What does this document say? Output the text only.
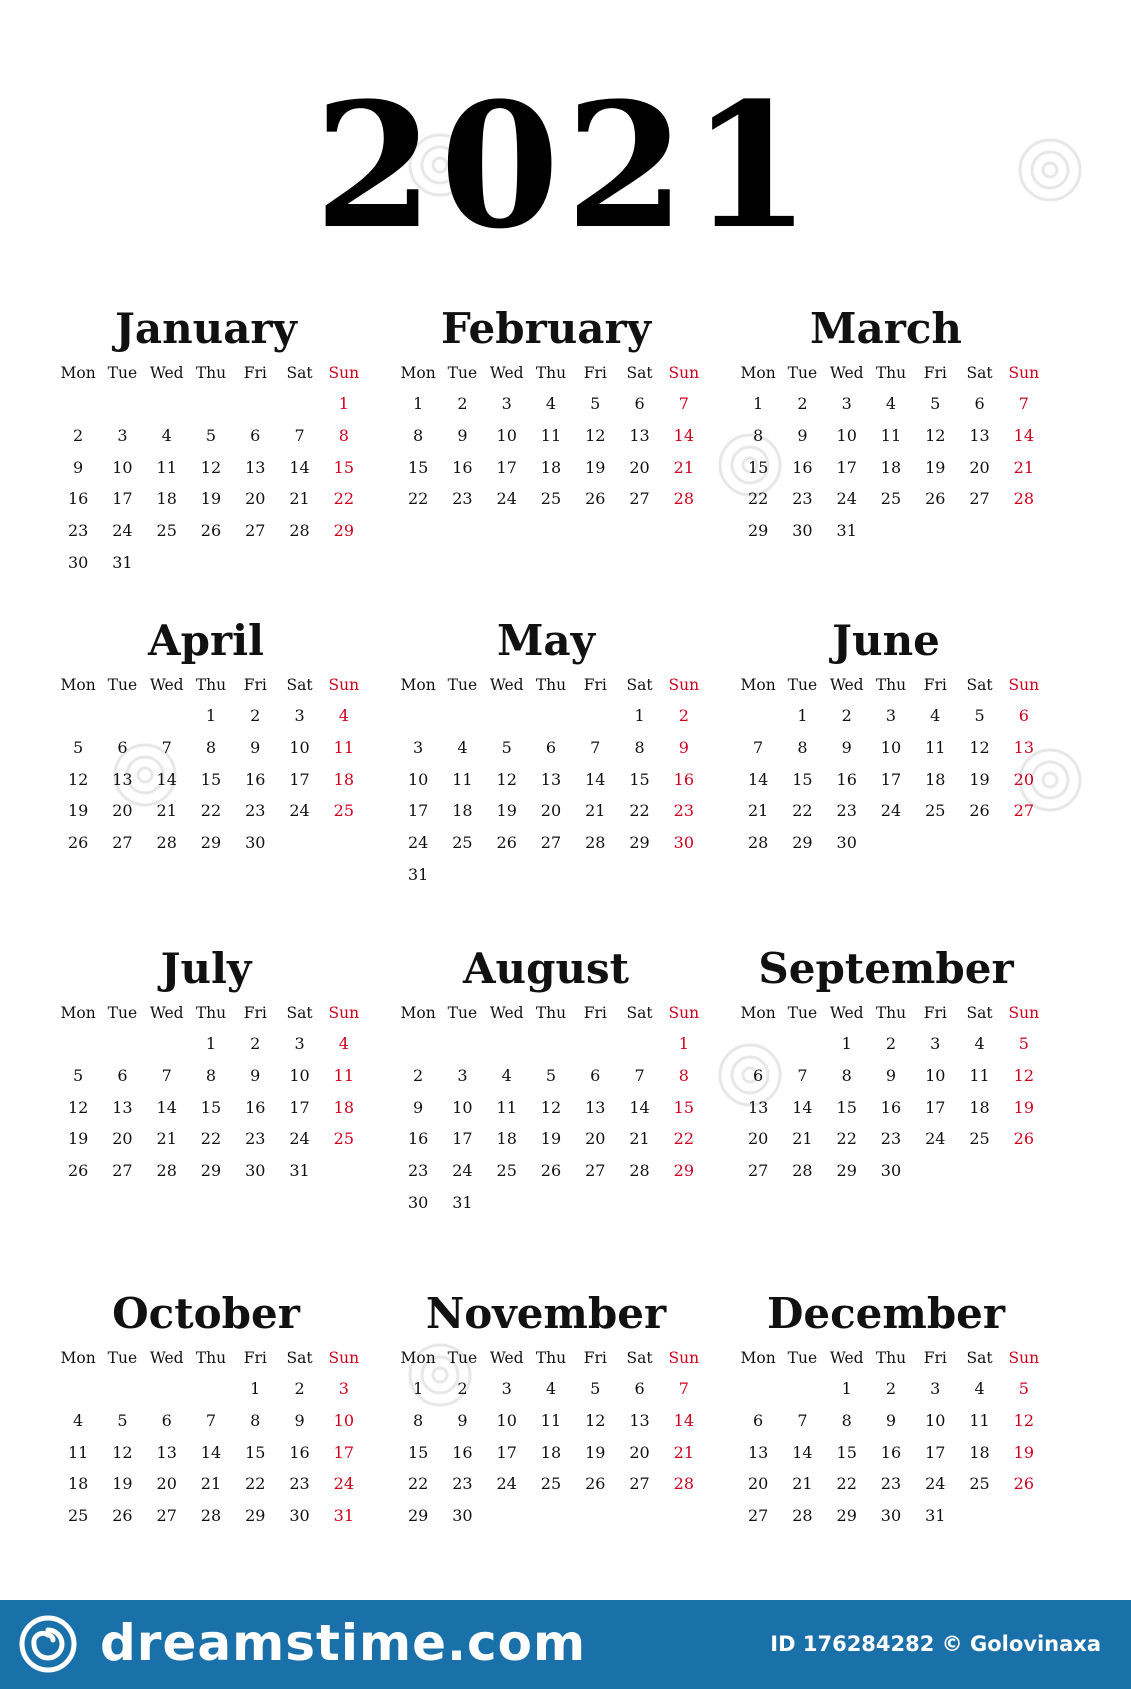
2021
January
Mon	Tue	Wed	Thu	Fri	Sat	Sun
						1
2	3	4	5	6	7	8
9	10	11	12	13	14	15
16	17	18	19	20	21	22
23	24	25	26	27	28	29
30	31					
February
Mon	Tue	Wed	Thu	Fri	Sat	Sun
1	2	3	4	5	6	7
8	9	10	11	12	13	14
15	16	17	18	19	20	21
22	23	24	25	26	27	28
March
Mon	Tue	Wed	Thu	Fri	Sat	Sun
1	2	3	4	5	6	7
8	9	10	11	12	13	14
15	16	17	18	19	20	21
22	23	24	25	26	27	28
29	30	31				
April
Mon	Tue	Wed	Thu	Fri	Sat	Sun
			1	2	3	4
5	6	7	8	9	10	11
12	13	14	15	16	17	18
19	20	21	22	23	24	25
26	27	28	29	30		
May
Mon	Tue	Wed	Thu	Fri	Sat	Sun
					1	2
3	4	5	6	7	8	9
10	11	12	13	14	15	16
17	18	19	20	21	22	23
24	25	26	27	28	29	30
31						
June
Mon	Tue	Wed	Thu	Fri	Sat	Sun
	1	2	3	4	5	6
7	8	9	10	11	12	13
14	15	16	17	18	19	20
21	22	23	24	25	26	27
28	29	30				
July
Mon	Tue	Wed	Thu	Fri	Sat	Sun
			1	2	3	4
5	6	7	8	9	10	11
12	13	14	15	16	17	18
19	20	21	22	23	24	25
26	27	28	29	30	31	
August
Mon	Tue	Wed	Thu	Fri	Sat	Sun
						1
2	3	4	5	6	7	8
9	10	11	12	13	14	15
16	17	18	19	20	21	22
23	24	25	26	27	28	29
30	31					
September
Mon	Tue	Wed	Thu	Fri	Sat	Sun
		1	2	3	4	5
6	7	8	9	10	11	12
13	14	15	16	17	18	19
20	21	22	23	24	25	26
27	28	29	30			
October
Mon	Tue	Wed	Thu	Fri	Sat	Sun
				1	2	3
4	5	6	7	8	9	10
11	12	13	14	15	16	17
18	19	20	21	22	23	24
25	26	27	28	29	30	31
November
Mon	Tue	Wed	Thu	Fri	Sat	Sun
1	2	3	4	5	6	7
8	9	10	11	12	13	14
15	16	17	18	19	20	21
22	23	24	25	26	27	28
29	30					
December
Mon	Tue	Wed	Thu	Fri	Sat	Sun
		1	2	3	4	5
6	7	8	9	10	11	12
13	14	15	16	17	18	19
20	21	22	23	24	25	26
27	28	29	30	31		
dreamstime.com	ID 176284282 © Golovinaxa
